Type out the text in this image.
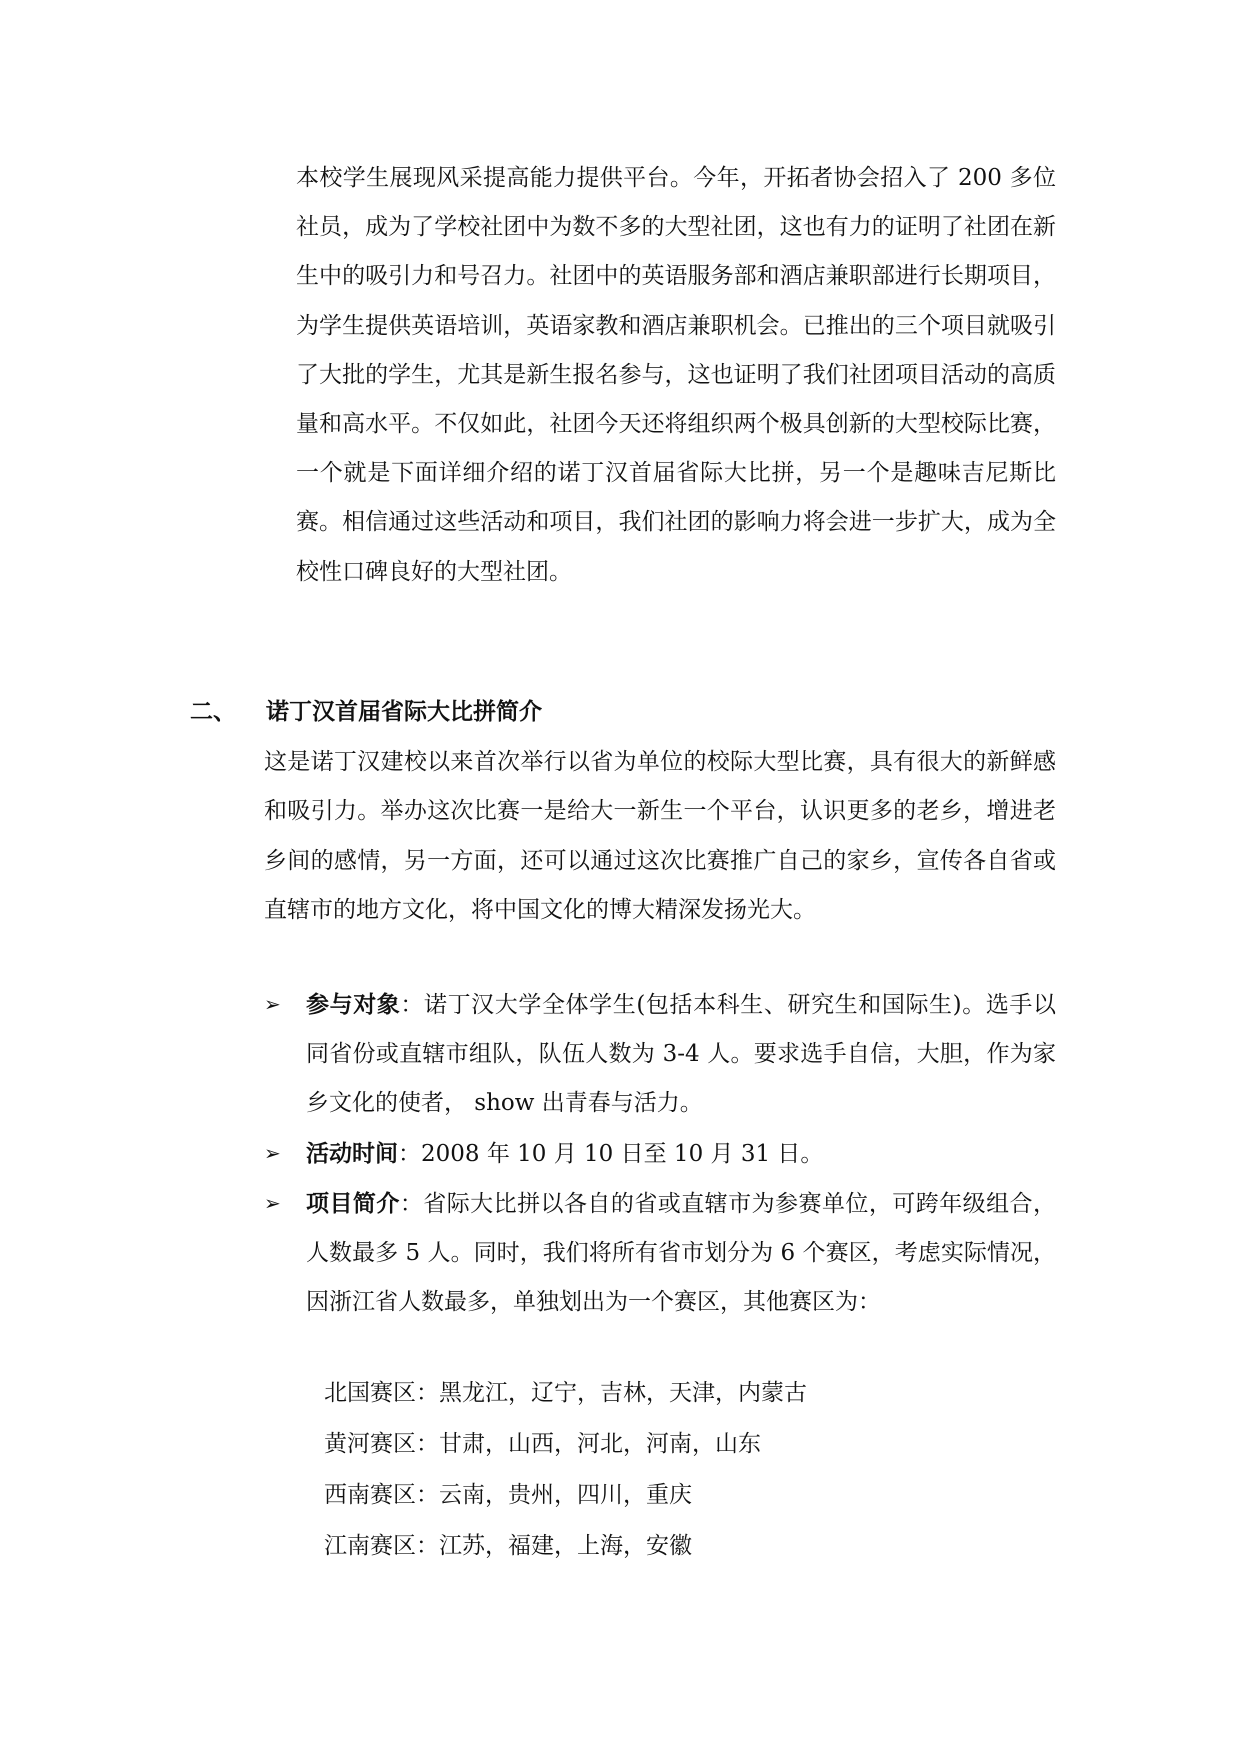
本校学生展现风采提高能力提供平台。今年，开拓者协会招入了 200 多位社员，成为了学校社团中为数不多的大型社团，这也有力的证明了社团在新生中的吸引力和号召力。社团中的英语服务部和酒店兼职部进行长期项目，为学生提供英语培训，英语家教和酒店兼职机会。已推出的三个项目就吸引了大批的学生，尤其是新生报名参与，这也证明了我们社团项目活动的高质量和高水平。不仅如此，社团今天还将组织两个极具创新的大型校际比赛，一个就是下面详细介绍的诺丁汉首届省际大比拼，另一个是趣味吉尼斯比赛。相信通过这些活动和项目，我们社团的影响力将会进一步扩大，成为全校性口碑良好的大型社团。

二、	诺丁汉首届省际大比拼简介

这是诺丁汉建校以来首次举行以省为单位的校际大型比赛，具有很大的新鲜感和吸引力。举办这次比赛一是给大一新生一个平台，认识更多的老乡，增进老乡间的感情，另一方面，还可以通过这次比赛推广自己的家乡，宣传各自省或直辖市的地方文化，将中国文化的博大精深发扬光大。

➢	参与对象：诺丁汉大学全体学生(包括本科生、研究生和国际生)。选手以同省份或直辖市组队，队伍人数为 3-4 人。要求选手自信，大胆，作为家乡文化的使者， show 出青春与活力。
➢	活动时间：2008 年 10 月 10 日至 10 月 31 日。
➢	项目简介：省际大比拼以各自的省或直辖市为参赛单位，可跨年级组合，人数最多 5 人。同时，我们将所有省市划分为 6 个赛区，考虑实际情况，因浙江省人数最多，单独划出为一个赛区，其他赛区为：
北国赛区：黑龙江，辽宁，吉林，天津，内蒙古
黄河赛区：甘肃，山西，河北，河南，山东
西南赛区：云南，贵州，四川，重庆
江南赛区：江苏，福建，上海，安徽
